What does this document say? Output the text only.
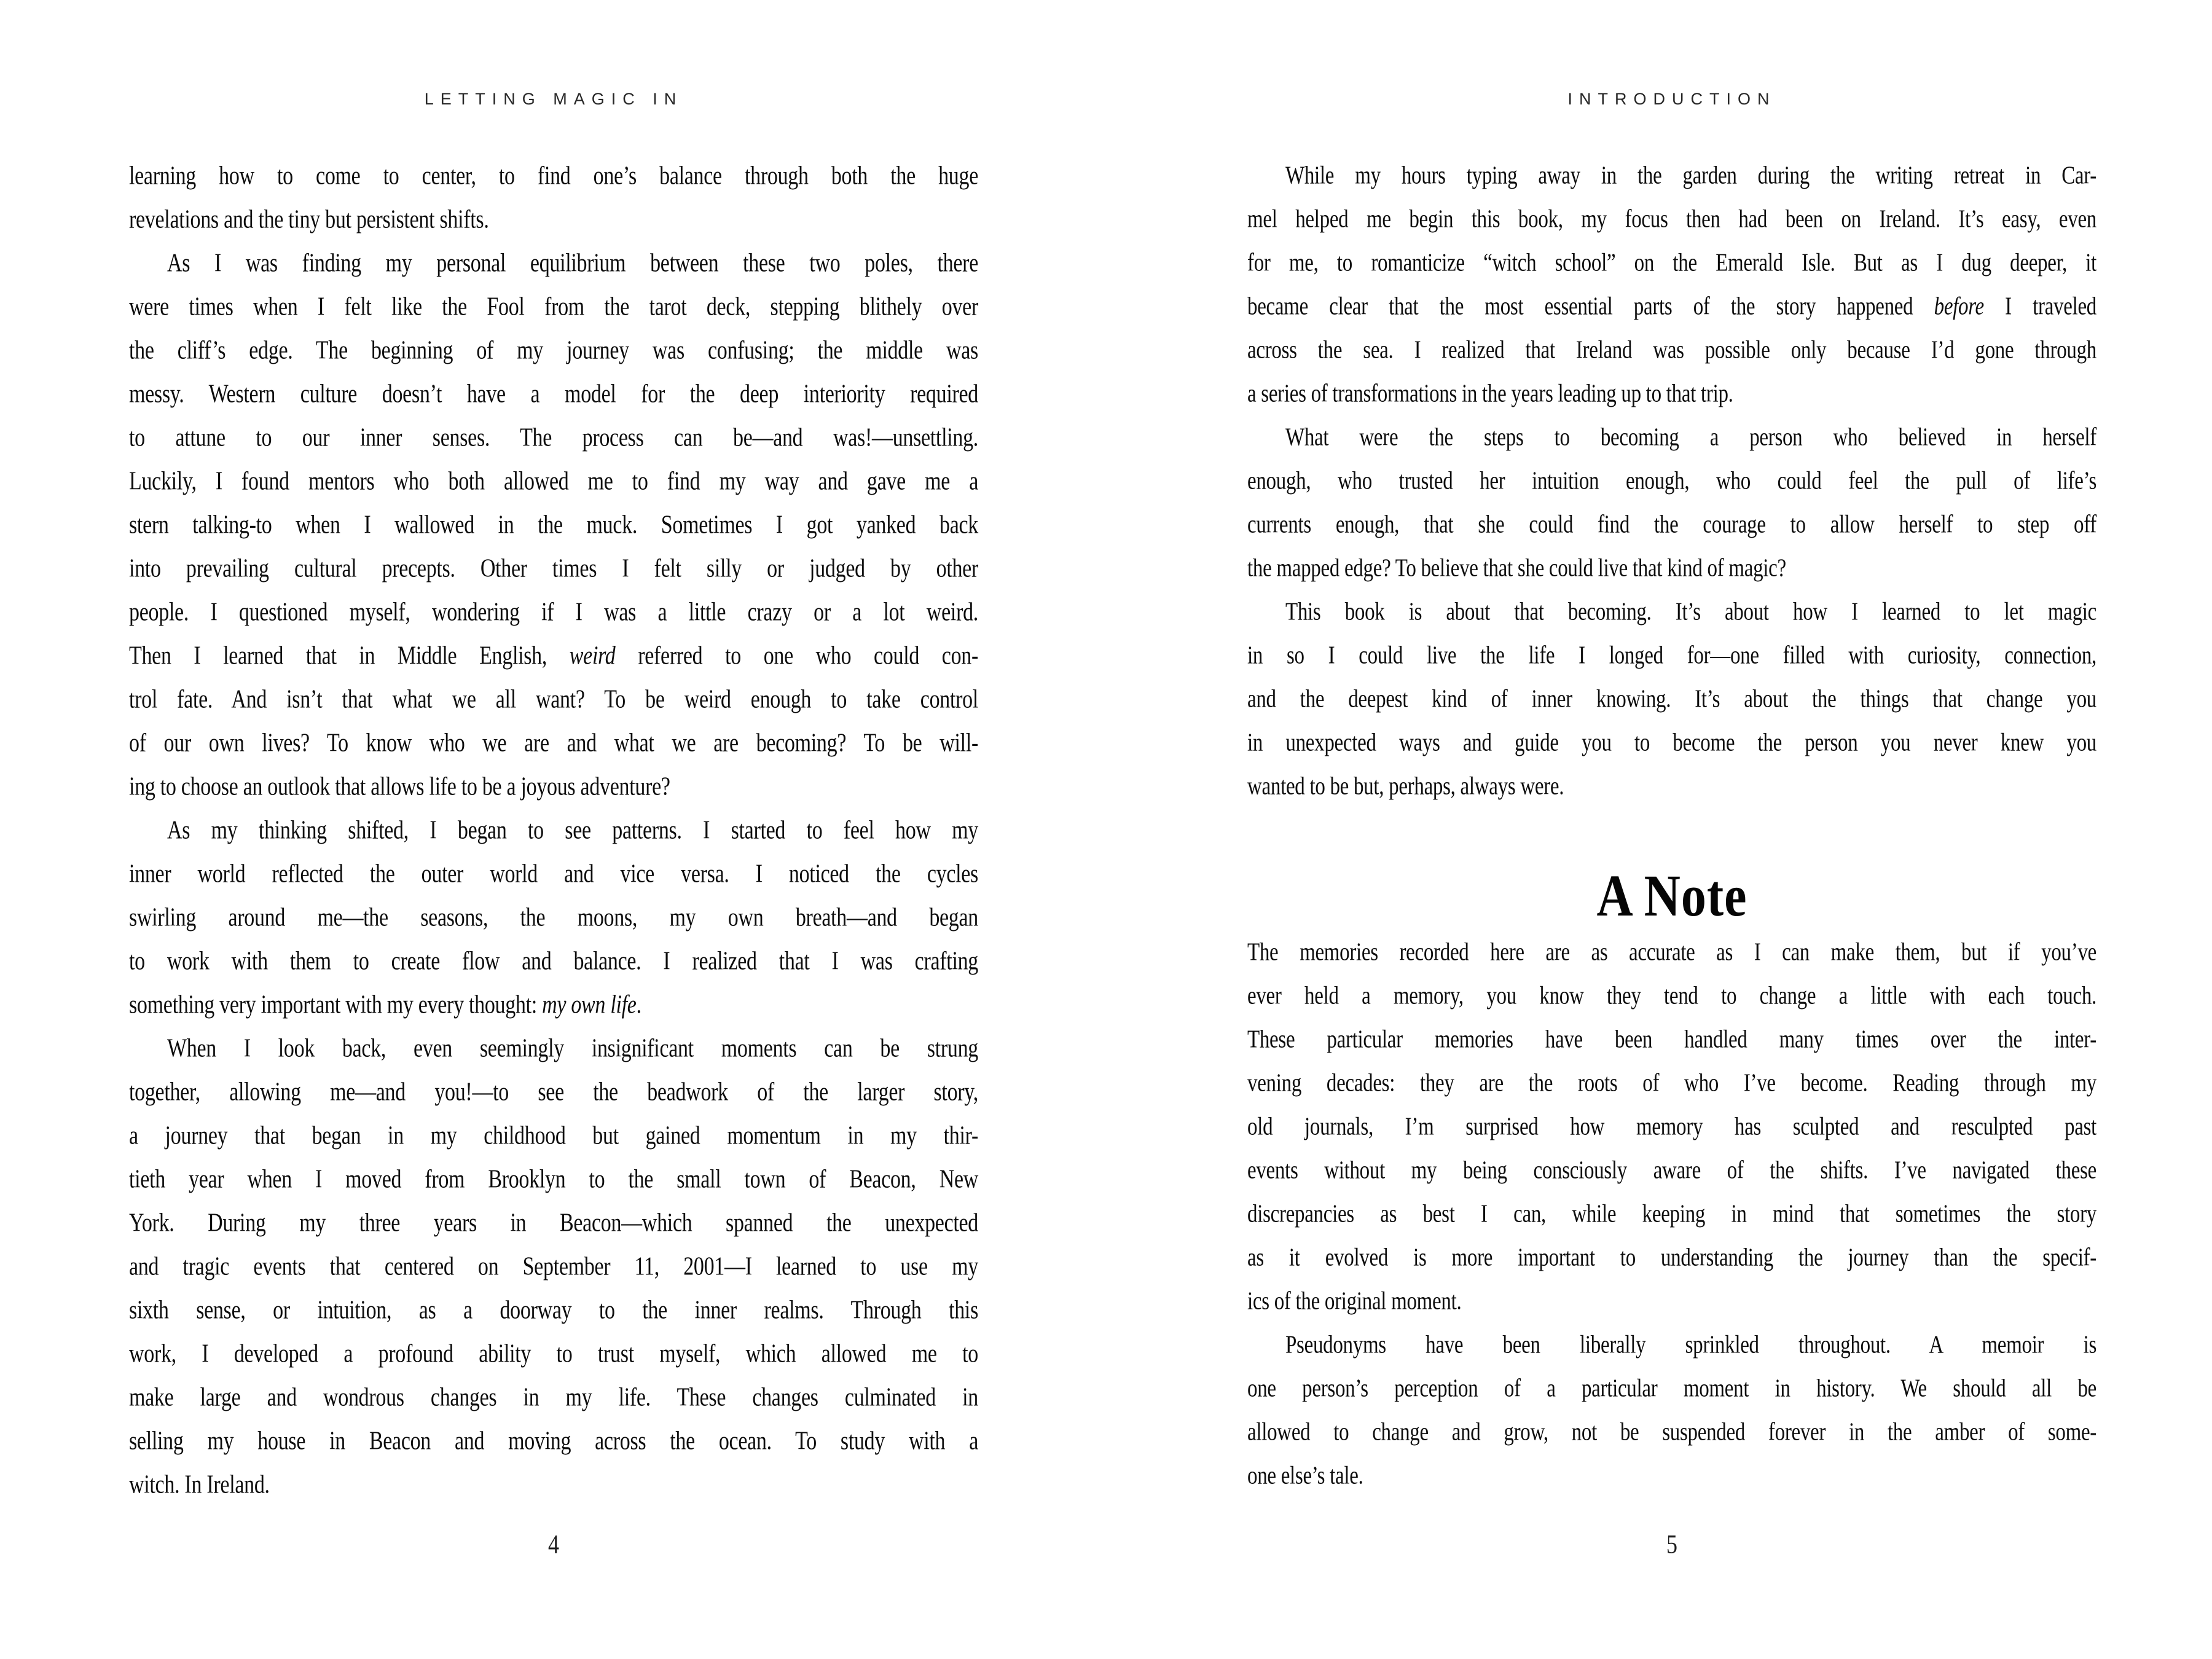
LETTING MAGIC IN
learning how to come to center, to find one’s balance through both the huge
revelations and the tiny but persistent shifts.
As I was finding my personal equilibrium between these two poles, there
were times when I felt like the Fool from the tarot deck, stepping blithely over
the cliff’s edge. The beginning of my journey was confusing; the middle was
messy. Western culture doesn’t have a model for the deep interiority required
to attune to our inner senses. The process can be—and was!—unsettling.
Luckily, I found mentors who both allowed me to find my way and gave me a
stern talking-to when I wallowed in the muck. Sometimes I got yanked back
into prevailing cultural precepts. Other times I felt silly or judged by other
people. I questioned myself, wondering if I was a little crazy or a lot weird.
Then I learned that in Middle English, weird referred to one who could con-
trol fate. And isn’t that what we all want? To be weird enough to take control
of our own lives? To know who we are and what we are becoming? To be will-
ing to choose an outlook that allows life to be a joyous adventure?
As my thinking shifted, I began to see patterns. I started to feel how my
inner world reflected the outer world and vice versa. I noticed the cycles
swirling around me—the seasons, the moons, my own breath—and began
to work with them to create flow and balance. I realized that I was crafting
something very important with my every thought: my own life.
When I look back, even seemingly insignificant moments can be strung
together, allowing me—and you!—to see the beadwork of the larger story,
a journey that began in my childhood but gained momentum in my thir-
tieth year when I moved from Brooklyn to the small town of Beacon, New
York. During my three years in Beacon—which spanned the unexpected
and tragic events that centered on September 11, 2001—I learned to use my
sixth sense, or intuition, as a doorway to the inner realms. Through this
work, I developed a profound ability to trust myself, which allowed me to
make large and wondrous changes in my life. These changes culminated in
selling my house in Beacon and moving across the ocean. To study with a
witch. In Ireland.
4
INTRODUCTION
While my hours typing away in the garden during the writing retreat in Car-
mel helped me begin this book, my focus then had been on Ireland. It’s easy, even
for me, to romanticize “witch school” on the Emerald Isle. But as I dug deeper, it
became clear that the most essential parts of the story happened before I traveled
across the sea. I realized that Ireland was possible only because I’d gone through
a series of transformations in the years leading up to that trip.
What were the steps to becoming a person who believed in herself
enough, who trusted her intuition enough, who could feel the pull of life’s
currents enough, that she could find the courage to allow herself to step off
the mapped edge? To believe that she could live that kind of magic?
This book is about that becoming. It’s about how I learned to let magic
in so I could live the life I longed for—one filled with curiosity, connection,
and the deepest kind of inner knowing. It’s about the things that change you
in unexpected ways and guide you to become the person you never knew you
wanted to be but, perhaps, always were.
A Note
The memories recorded here are as accurate as I can make them, but if you’ve
ever held a memory, you know they tend to change a little with each touch.
These particular memories have been handled many times over the inter-
vening decades: they are the roots of who I’ve become. Reading through my
old journals, I’m surprised how memory has sculpted and resculpted past
events without my being consciously aware of the shifts. I’ve navigated these
discrepancies as best I can, while keeping in mind that sometimes the story
as it evolved is more important to understanding the journey than the specif-
ics of the original moment.
Pseudonyms have been liberally sprinkled throughout. A memoir is
one person’s perception of a particular moment in history. We should all be
allowed to change and grow, not be suspended forever in the amber of some-
one else’s tale.
5
